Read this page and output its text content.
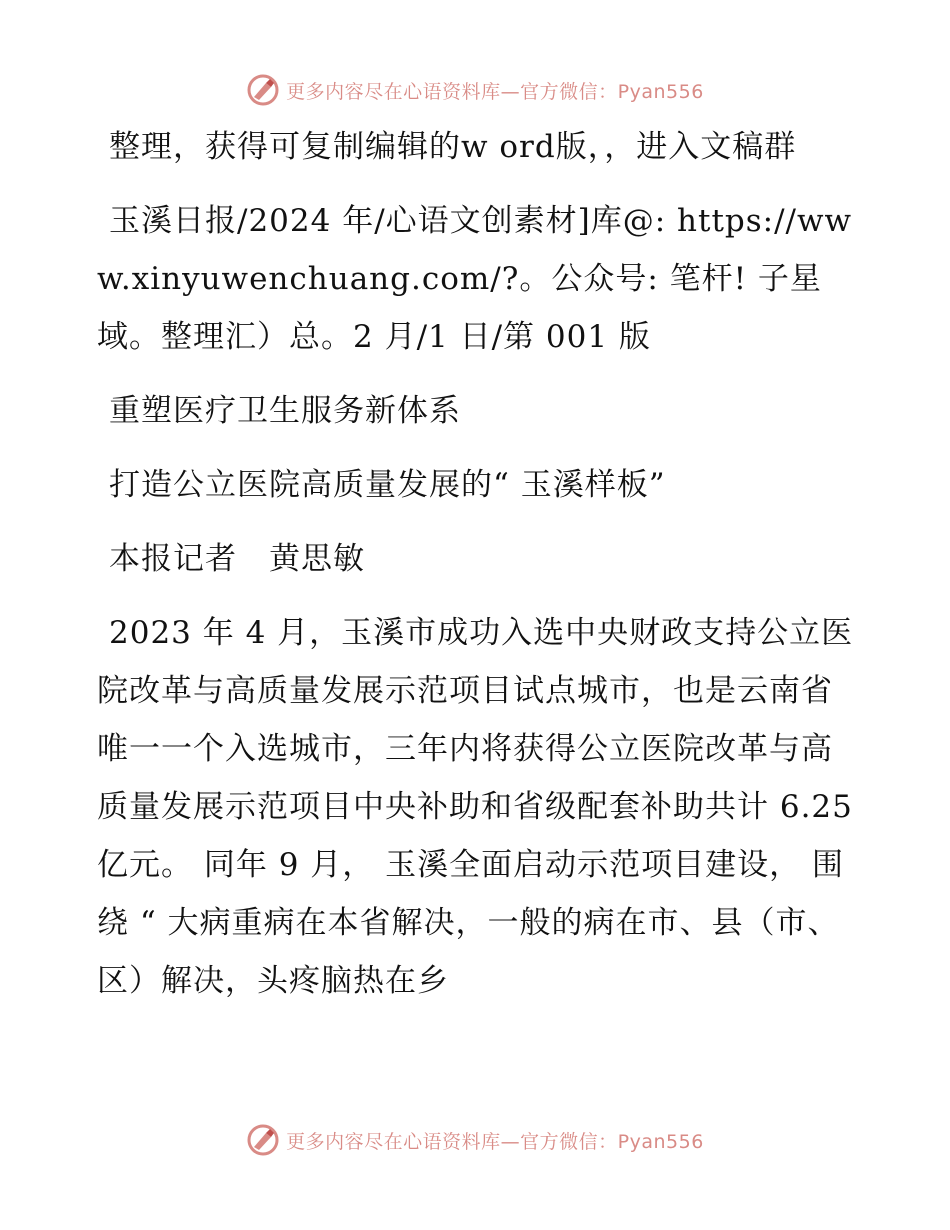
更多内容尽在心语资料库—官方微信：Pyan556

整理，获得可复制编辑的w ord版，，进入文稿群

玉溪日报/2024 年/心语文创素材]库@: https://www.xinyuwenchuang.com/?。公众号: 笔杆! 子星域。整理汇）总。2 月/1 日/第 001 版

重塑医疗卫生服务新体系

打造公立医院高质量发展的“ 玉溪样板”

本报记者　黄思敏

2023 年 4 月，玉溪市成功入选中央财政支持公立医院改革与高质量发展示范项目试点城市，也是云南省唯一一个入选城市，三年内将获得公立医院改革与高质量发展示范项目中央补助和省级配套补助共计 6.25 亿元。 同年 9 月， 玉溪全面启动示范项目建设， 围绕 “ 大病重病在本省解决，一般的病在市、县（市、区）解决，头疼脑热在乡

更多内容尽在心语资料库—官方微信：Pyan556
